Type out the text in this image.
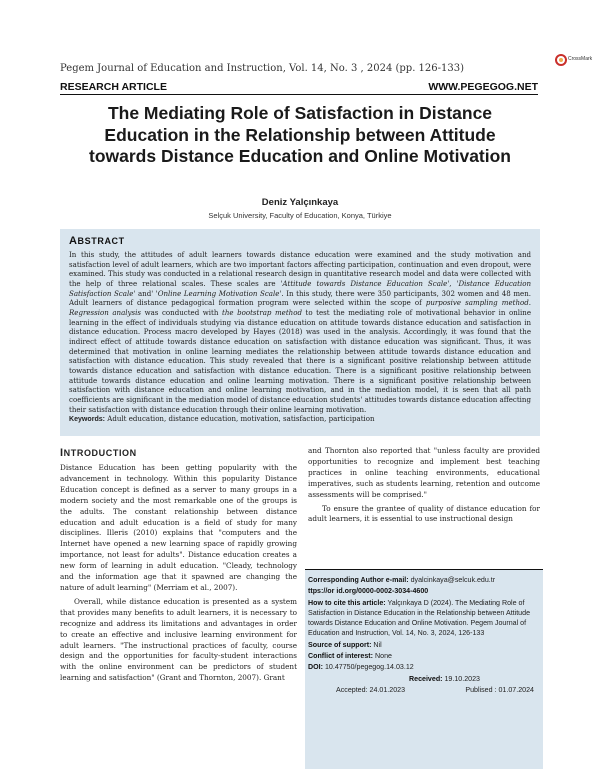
CrossMark
Pegem Journal of Education and Instruction, Vol. 14, No. 3 , 2024 (pp. 126-133)
RESEARCH ARTICLE	WWW.PEGEGOG.NET
The Mediating Role of Satisfaction in Distance Education in the Relationship between Attitude towards Distance Education and Online Motivation
Deniz Yalçınkaya
Selçuk University, Faculty of Education, Konya, Türkiye
ABSTRACT
In this study, the attitudes of adult learners towards distance education were examined and the study motivation and satisfaction level of adult learners, which are two important factors affecting participation, continuation and even dropout, were examined. This study was conducted in a relational research design in quantitative research model and data were collected with the help of three relational scales. These scales are 'Attitude towards Distance Education Scale', 'Distance Education Satisfaction Scale' and' 'Online Learning Motivation Scale'. In this study, there were 350 participants, 302 women and 48 men. Adult learners of distance pedagogical formation program were selected within the scope of purposive sampling method. Regression analysis was conducted with the bootstrap method to test the mediating role of motivational behavior in online learning in the effect of individuals studying via distance education on attitude towards distance education and satisfaction in distance education. Process macro developed by Hayes (2018) was used in the analysis. Accordingly, it was found that the indirect effect of attitude towards distance education on satisfaction with distance education was significant. Thus, it was determined that motivation in online learning mediates the relationship between attitude towards distance education and satisfaction with distance education. This study revealed that there is a significant positive relationship between attitude towards distance education and satisfaction with distance education. There is a significant positive relationship between attitude towards distance education and online learning motivation. There is a significant positive relationship between satisfaction with distance education and online learning motivation, and in the mediation model, it is seen that all path coefficients are significant in the mediation model of distance education students' attitudes towards distance education affecting their satisfaction with distance education through their online learning motivation.
Keywords: Adult education, distance education, motivation, satisfaction, participation
INTRODUCTION

Distance Education has been getting popularity with the advancement in technology. Within this popularity Distance Education concept is defined as a server to many groups in a modern society and the most remarkable one of the groups is the adults. The constant relationship between distance education and adult education is a field of study for many disciplines. Illeris (2010) explains that "computers and the Internet have opened a new learning space of rapidly growing importance, not least for adults". Distance education creates a new form of learning in adult education. "Cleady, technology and the information age that it spawned are changing the nature of adult learning" (Merriam et al., 2007).

Overall, while distance education is presented as a system that provides many benefits to adult learners, it is necessary to recognize and address its limitations and advantages in order to create an effective and inclusive learning environment for adult learners. "The instructional practices of faculty, course design and the opportunities for faculty-student interactions with the online environment can be predictors of student learning and satisfaction" (Grant and Thornton, 2007). Grant

and Thornton also reported that "unless faculty are provided opportunities to recognize and implement best teaching practices in online teaching environments, educational imperatives, such as students learning, retention and outcome assessments will be comprised."

To ensure the grantee of quality of distance education for adult learners, it is essential to use instructional design

Corresponding Author e-mail: dyalcinkaya@selcuk.edu.tr
ttps://or id.org/0000-0002-3034-4600
How to cite this article: Yalçınkaya D (2024). The Mediating Role of Satisfaction in Distance Education in the Relationship between Attitude towards Distance Education and Online Motivation. Pegem Journal of Education and Instruction, Vol. 14, No. 3, 2024, 126-133
Source of support: Nil
Conflict of interest: None
DOI: 10.47750/pegegog.14.03.12
Received: 19.10.2023
Accepted: 24.01.2023	Publised : 01.07.2024
